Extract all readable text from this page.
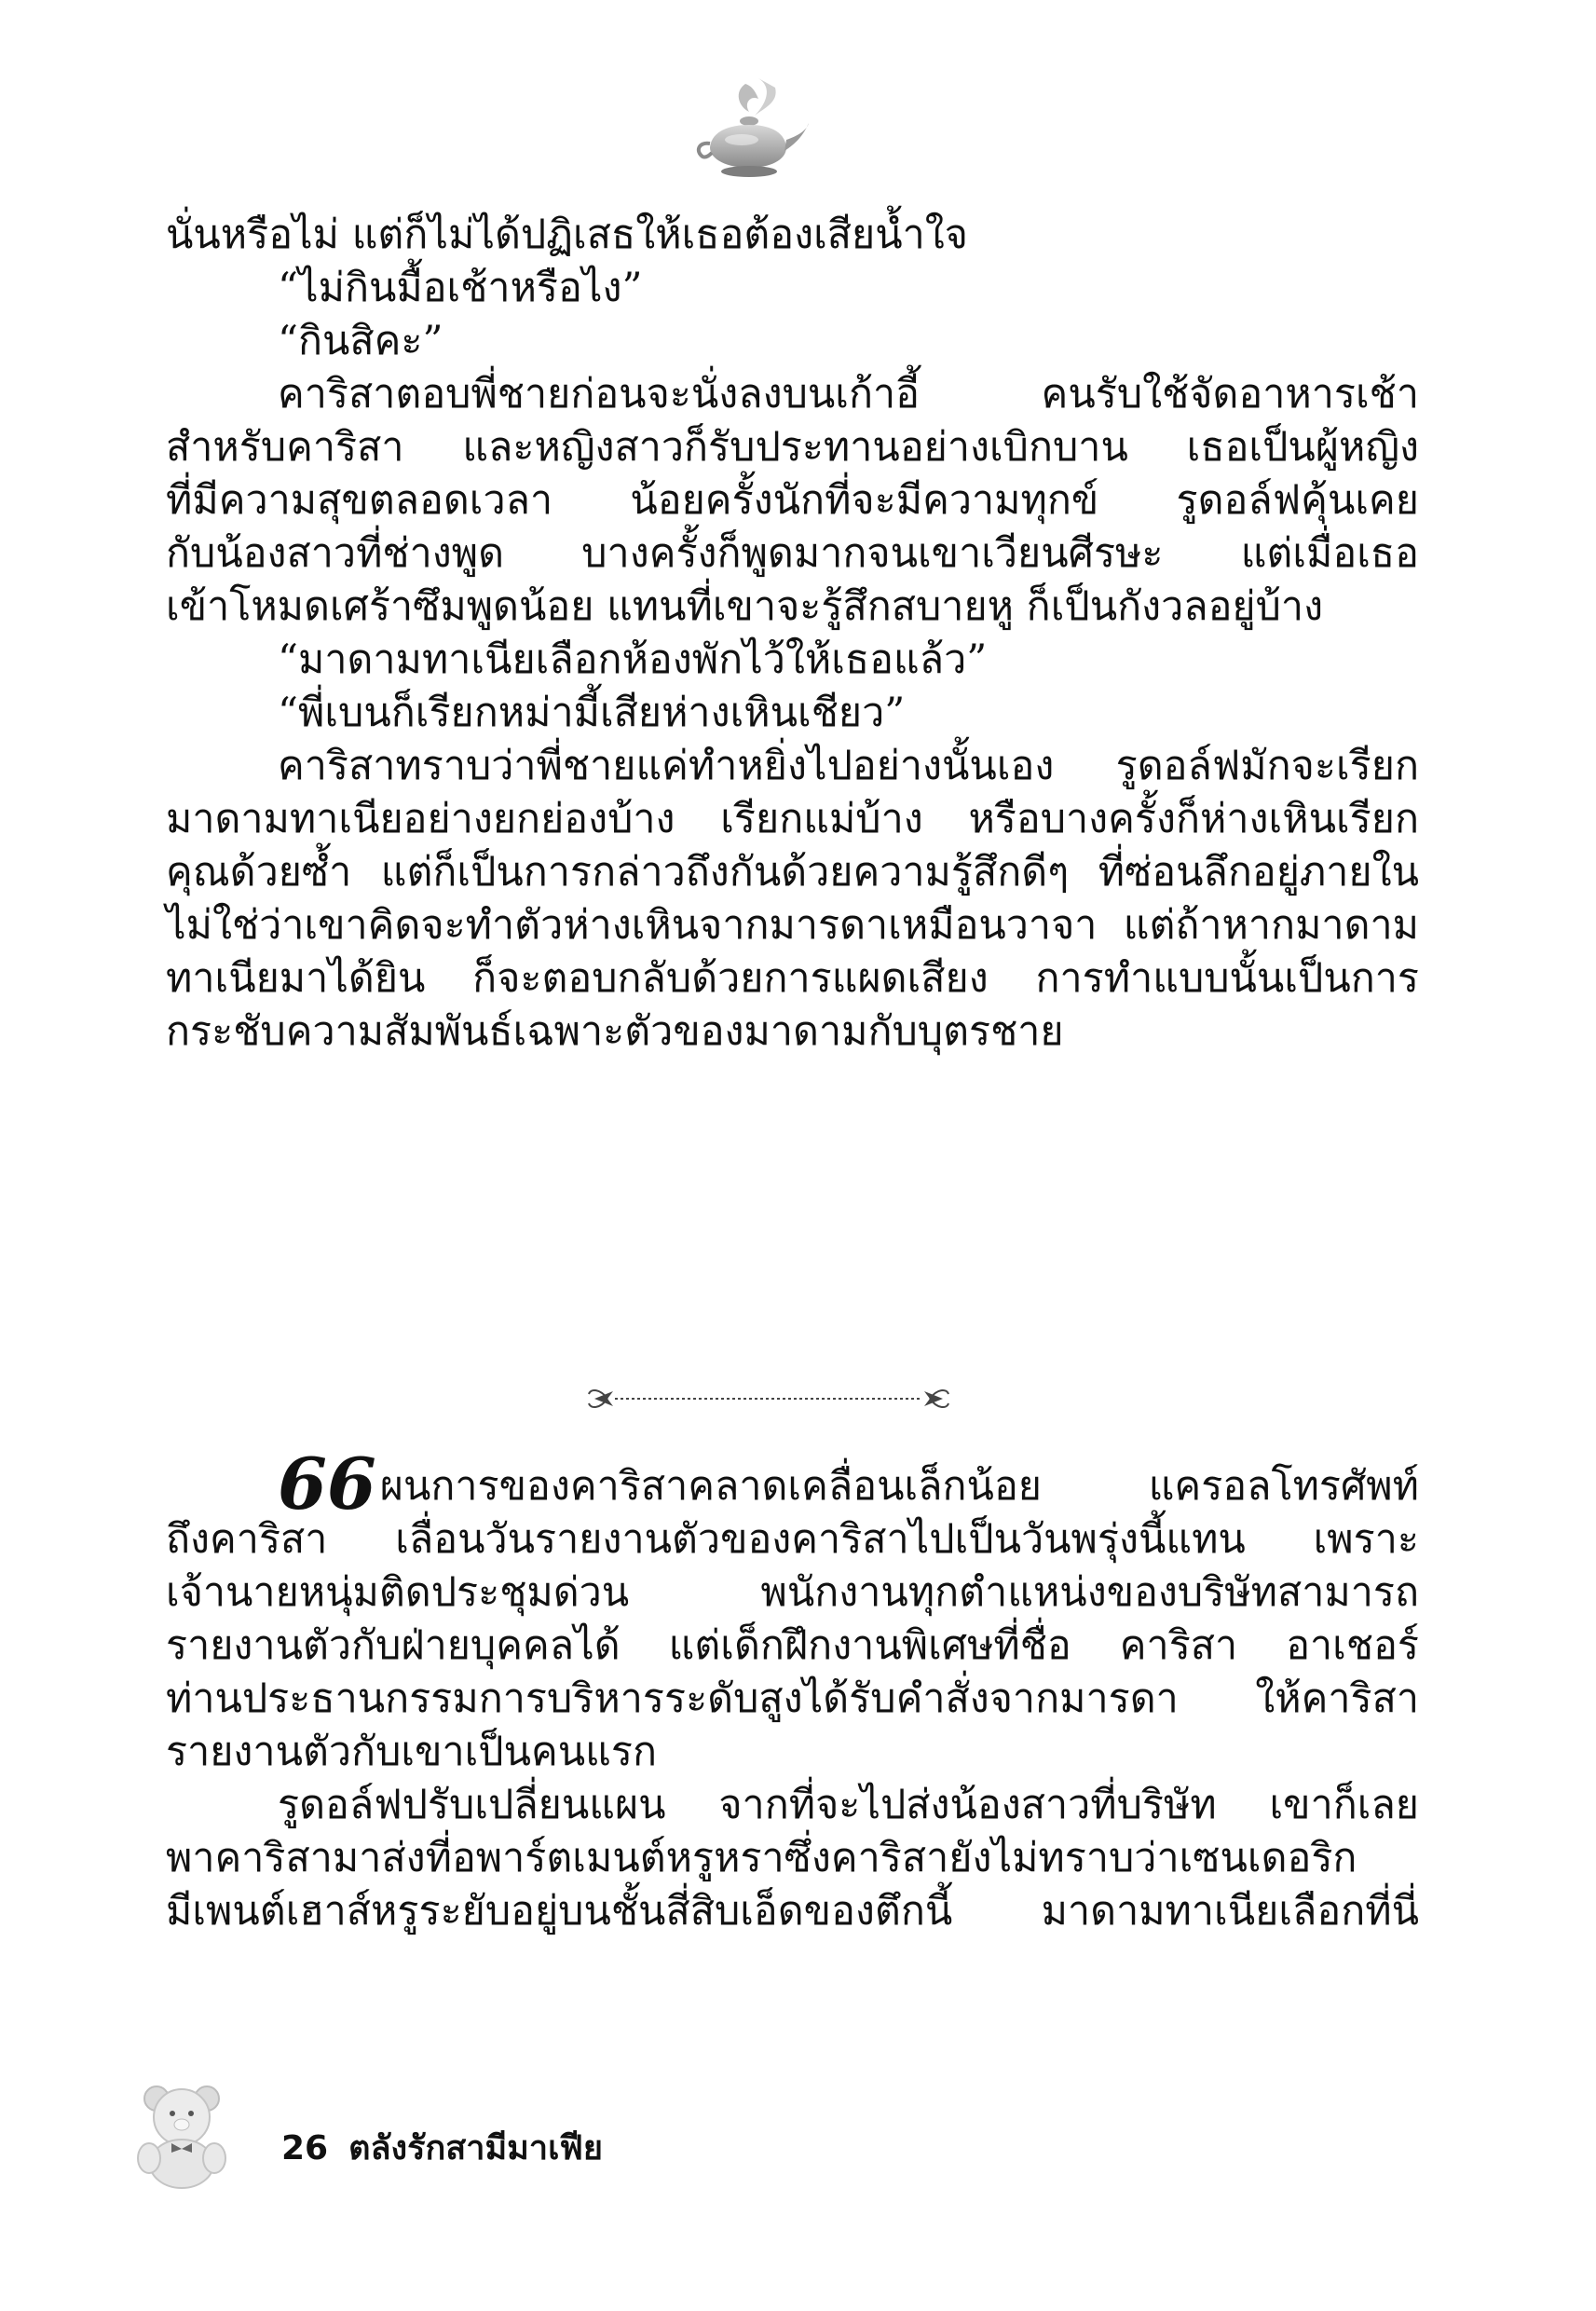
นั่นหรือไม่ แต่ก็ไม่ได้ปฏิเสธให้เธอต้องเสียน้ำใจ
“ไม่กินมื้อเช้าหรือไง”
“กินสิคะ”
คาริสาตอบพี่ชายก่อนจะนั่งลงบนเก้าอี้ คนรับใช้จัดอาหารเช้า
สำหรับคาริสา และหญิงสาวก็รับประทานอย่างเบิกบาน เธอเป็นผู้หญิง
ที่มีความสุขตลอดเวลา น้อยครั้งนักที่จะมีความทุกข์ รูดอล์ฟคุ้นเคย
กับน้องสาวที่ช่างพูด บางครั้งก็พูดมากจนเขาเวียนศีรษะ แต่เมื่อเธอ
เข้าโหมดเศร้าซึมพูดน้อย แทนที่เขาจะรู้สึกสบายหู ก็เป็นกังวลอยู่บ้าง
“มาดามทาเนียเลือกห้องพักไว้ให้เธอแล้ว”
“พี่เบนก็เรียกหม่ามี้เสียห่างเหินเชียว”
คาริสาทราบว่าพี่ชายแค่ทำหยิ่งไปอย่างนั้นเอง รูดอล์ฟมักจะเรียก
มาดามทาเนียอย่างยกย่องบ้าง เรียกแม่บ้าง หรือบางครั้งก็ห่างเหินเรียก
คุณด้วยซ้ำ แต่ก็เป็นการกล่าวถึงกันด้วยความรู้สึกดีๆ ที่ซ่อนลึกอยู่ภายใน
ไม่ใช่ว่าเขาคิดจะทำตัวห่างเหินจากมารดาเหมือนวาจา แต่ถ้าหากมาดาม
ทาเนียมาได้ยิน ก็จะตอบกลับด้วยการแผดเสียง การทำแบบนั้นเป็นการ
กระชับความสัมพันธ์เฉพาะตัวของมาดามกับบุตรชาย
66ผนการของคาริสาคลาดเคลื่อนเล็กน้อย แครอลโทรศัพท์
ถึงคาริสา เลื่อนวันรายงานตัวของคาริสาไปเป็นวันพรุ่งนี้แทน เพราะ
เจ้านายหนุ่มติดประชุมด่วน พนักงานทุกตำแหน่งของบริษัทสามารถ
รายงานตัวกับฝ่ายบุคคลได้ แต่เด็กฝึกงานพิเศษที่ชื่อ คาริสา อาเชอร์
ท่านประธานกรรมการบริหารระดับสูงได้รับคำสั่งจากมารดา ให้คาริสา
รายงานตัวกับเขาเป็นคนแรก
รูดอล์ฟปรับเปลี่ยนแผน จากที่จะไปส่งน้องสาวที่บริษัท เขาก็เลย
พาคาริสามาส่งที่อพาร์ตเมนต์หรูหราซึ่งคาริสายังไม่ทราบว่าเซนเดอริก
มีเพนต์เฮาส์หรูระยับอยู่บนชั้นสี่สิบเอ็ดของตึกนี้ มาดามทาเนียเลือกที่นี่
26 ตลังรักสามีมาเฟีย
